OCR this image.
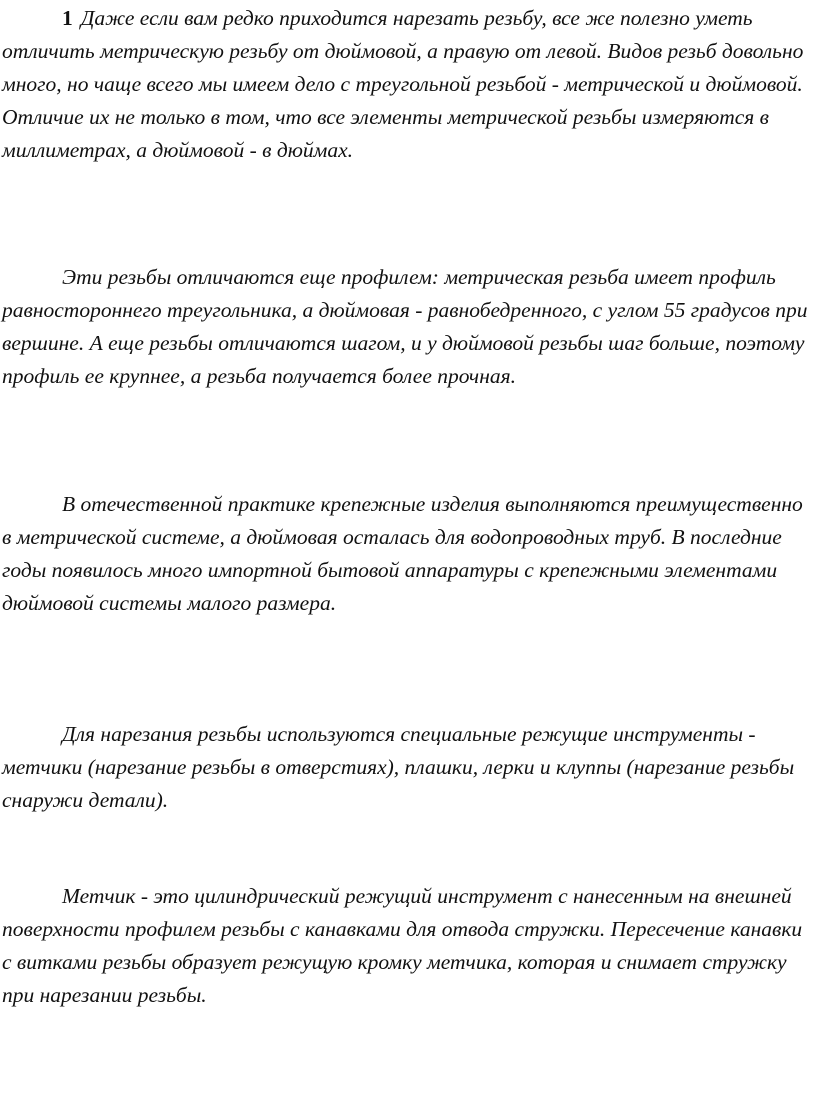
1 Даже если вам редко приходится нарезать резьбу, все же полезно уметь отличить метрическую резьбу от дюймовой, а правую от левой. Видов резьб довольно много, но чаще всего мы имеем дело с треугольной резьбой - метрической и дюймовой. Отличие их не только в том, что все элементы метрической резьбы измеряются в миллиметрах, а дюймовой - в дюймах.

Эти резьбы отличаются еще профилем: метрическая резьба имеет профиль равностороннего треугольника, а дюймовая - равнобедренного, с углом 55 градусов при вершине. А еще резьбы отличаются шагом, и у дюймовой резьбы шаг больше, поэтому профиль ее крупнее, а резьба получается более прочная.

В отечественной практике крепежные изделия выполняются преимущественно в метрической системе, а дюймовая осталась для водопроводных труб. В последние годы появилось много импортной бытовой аппаратуры с крепежными элементами дюймовой системы малого размера.

Для нарезания резьбы используются специальные режущие инструменты - метчики (нарезание резьбы в отверстиях), плашки, лерки и клуппы (нарезание резьбы снаружи детали).

Метчик - это цилиндрический режущий инструмент с нанесенным на внешней поверхности профилем резьбы с канавками для отвода стружки. Пересечение канавки с витками резьбы образует режущую кромку метчика, которая и снимает стружку при нарезании резьбы.
